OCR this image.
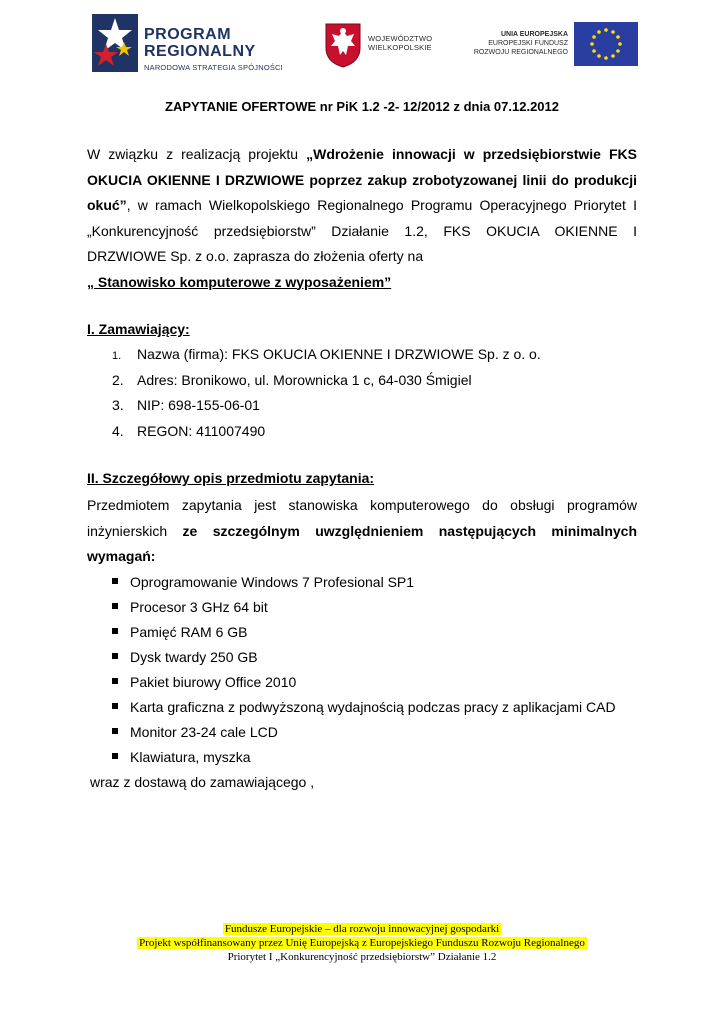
PROGRAM
REGIONALNY
NARODOWA STRATEGIA SPÓJNOŚCI
WOJEWÓDZTWO
WIELKOPOLSKIE
UNIA EUROPEJSKA
EUROPEJSKI FUNDUSZ
ROZWOJU REGIONALNEGO
ZAPYTANIE OFERTOWE nr PiK 1.2 -2- 12/2012 z dnia 07.12.2012
W związku z realizacją projektu „Wdrożenie innowacji w przedsiębiorstwie FKS OKUCIA OKIENNE I DRZWIOWE poprzez zakup zrobotyzowanej linii do produkcji okuć”, w ramach Wielkopolskiego Regionalnego Programu Operacyjnego Priorytet I „Konkurencyjność przedsiębiorstw” Działanie 1.2, FKS OKUCIA OKIENNE I DRZWIOWE Sp. z o.o. zaprasza do złożenia oferty na
„ Stanowisko komputerowe z wyposażeniem”
I. Zamawiający:
1. Nazwa (firma): FKS OKUCIA OKIENNE I DRZWIOWE Sp. z o. o.
2. Adres: Bronikowo, ul. Morownicka 1 c, 64-030 Śmigiel
3. NIP: 698-155-06-01
4. REGON: 411007490
II. Szczegółowy opis przedmiotu zapytania:
Przedmiotem zapytania jest stanowiska komputerowego do obsługi programów inżynierskich ze szczególnym uwzględnieniem następujących minimalnych wymagań:
Oprogramowanie Windows 7 Profesional SP1
Procesor 3 GHz 64 bit
Pamięć RAM 6 GB
Dysk twardy 250 GB
Pakiet biurowy Office 2010
Karta graficzna z podwyższoną wydajnością podczas pracy z aplikacjami CAD
Monitor 23-24 cale LCD
Klawiatura, myszka
wraz z dostawą do zamawiającego ,
Fundusze Europejskie – dla rozwoju innowacyjnej gospodarki
Projekt współfinansowany przez Unię Europejską z Europejskiego Funduszu Rozwoju Regionalnego
Priorytet I „Konkurencyjność przedsiębiorstw” Działanie 1.2
